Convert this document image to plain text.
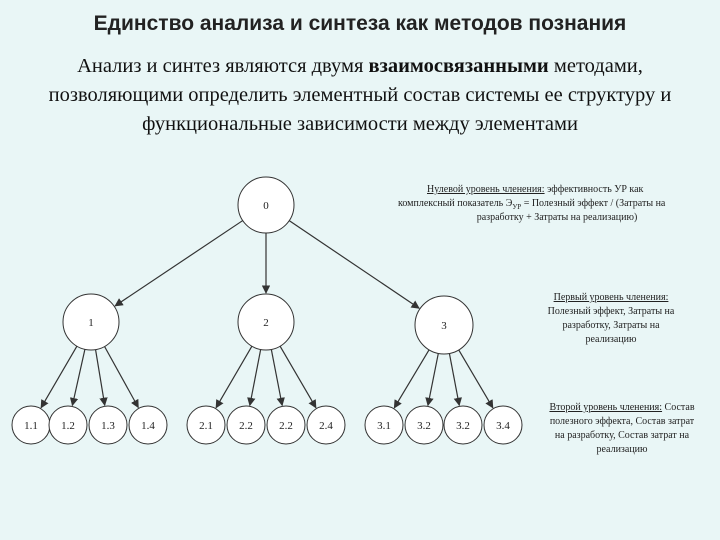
Единство анализа и синтеза как методов познания
Анализ и синтез являются двумя взаимосвязанными методами, позволяющими определить элементный состав системы ее структуру и функциональные зависимости между элементами
0
1	2	3
1.1 1.2 1.3 1.4	2.1 2.2 2.2 2.4	3.1 3.2 3.2 3.4
Нулевой уровень членения: эффективность УР как
комплексный показатель $Э_{УР}$ = Полезный эффект / (Затраты на
разработку + Затраты на реализацию)
Первый уровень членения:
Полезный эффект, Затраты на
разработку, Затраты на
реализацию
Второй уровень членения: Состав
полезного эффекта, Состав затрат
на разработку, Состав затрат на
реализацию
